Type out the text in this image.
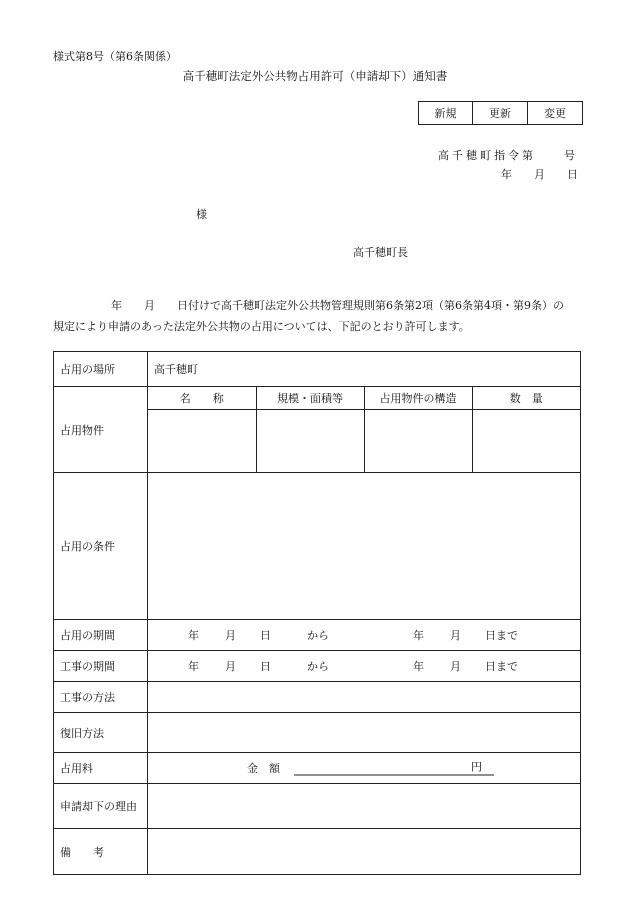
様式第8号（第6条関係）
高千穂町法定外公共物占用許可（申請却下）通知書
新規	更新	変更
高千穂町指令第　　号
年　　月　　日
様
高千穂町長
年　　月　　日付けで高千穂町法定外公共物管理規則第6条第2項（第6条第4項・第9条）の
規定により申請のあった法定外公共物の占用については、下記のとおり許可します。
占用の場所	高千穂町
占用物件	
名　　称	規模・面積等	占用物件の構造	数　量

占用の条件	
占用の期間	年 月 日	から	年 月 日まで

工事の期間	年 月 日	から	年 月 日まで

工事の方法	
復旧方法	
占用料	金　額	円

申請却下の理由	
備　　考	
